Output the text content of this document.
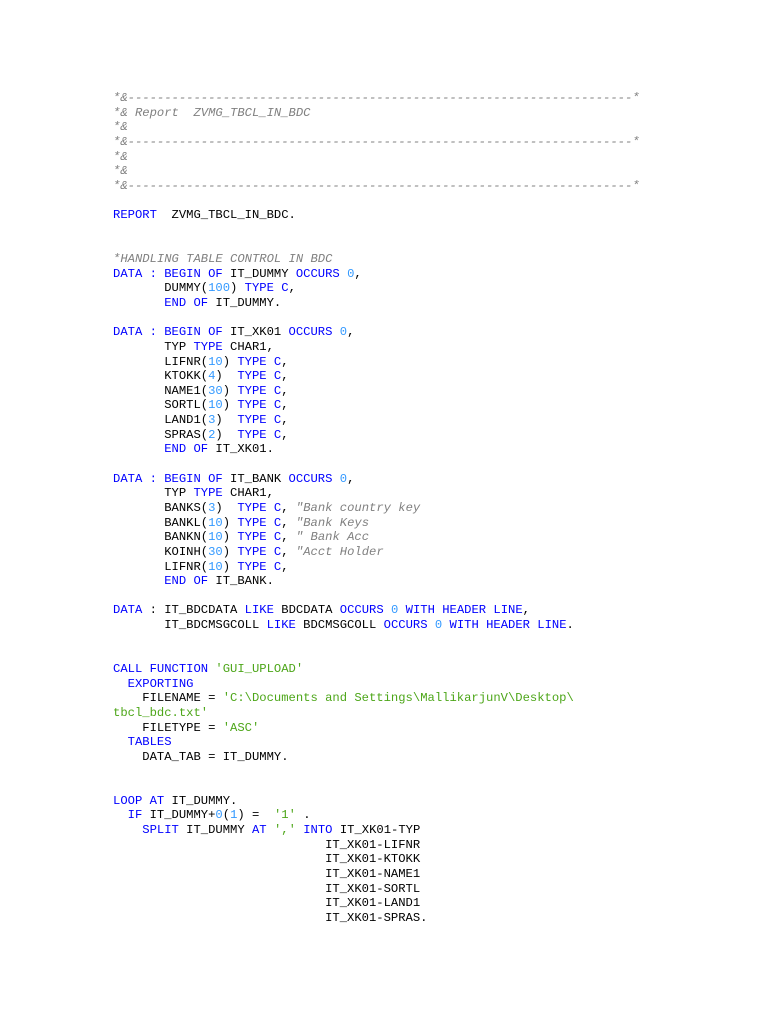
*&---------------------------------------------------------------------*
*& Report  ZVMG_TBCL_IN_BDC
*&
*&---------------------------------------------------------------------*
*&
*&
*&---------------------------------------------------------------------*

REPORT  ZVMG_TBCL_IN_BDC.

*HANDLING TABLE CONTROL IN BDC
DATA : BEGIN OF IT_DUMMY OCCURS 0,
DUMMY(100) TYPE C,
END OF IT_DUMMY.

DATA : BEGIN OF IT_XK01 OCCURS 0,
TYP TYPE CHAR1,
LIFNR(10) TYPE C,
KTOKK(4)  TYPE C,
NAME1(30) TYPE C,
SORTL(10) TYPE C,
LAND1(3)  TYPE C,
SPRAS(2)  TYPE C,
END OF IT_XK01.

DATA : BEGIN OF IT_BANK OCCURS 0,
TYP TYPE CHAR1,
BANKS(3)  TYPE C, "Bank country key
BANKL(10) TYPE C, "Bank Keys
BANKN(10) TYPE C, " Bank Acc
KOINH(30) TYPE C, "Acct Holder
LIFNR(10) TYPE C,
END OF IT_BANK.

DATA : IT_BDCDATA LIKE BDCDATA OCCURS 0 WITH HEADER LINE,
IT_BDCMSGCOLL LIKE BDCMSGCOLL OCCURS 0 WITH HEADER LINE.

CALL FUNCTION 'GUI_UPLOAD'
EXPORTING
FILENAME = 'C:\Documents and Settings\MallikarjunV\Desktop\
tbcl_bdc.txt'
FILETYPE = 'ASC'
TABLES
DATA_TAB = IT_DUMMY.

LOOP AT IT_DUMMY.
IF IT_DUMMY+0(1) =  '1' .
SPLIT IT_DUMMY AT ',' INTO IT_XK01-TYP
IT_XK01-LIFNR
IT_XK01-KTOKK
IT_XK01-NAME1
IT_XK01-SORTL
IT_XK01-LAND1
IT_XK01-SPRAS.
